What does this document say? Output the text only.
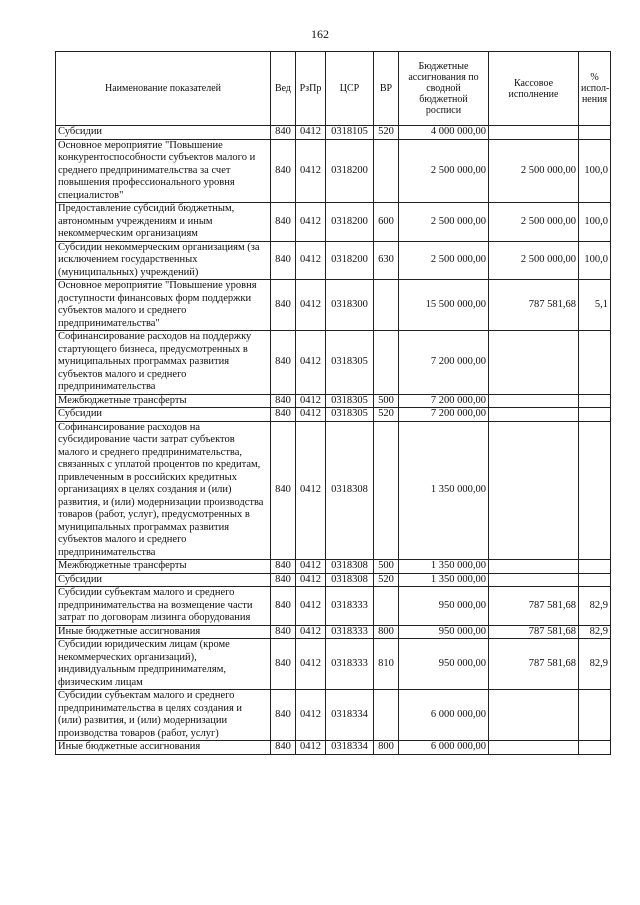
162
Наименование показателей	Вед	РзПр	ЦСР	ВР	Бюджетные ассигнования по сводной бюджетной росписи	Кассовое исполнение	% испол-нения
Субсидии	840	0412	0318105	520	4 000 000,00		
Основное мероприятие "Повышение конкурентоспособности субъектов малого и среднего предпринимательства за счет повышения профессионального уровня специалистов"	840	0412	0318200		2 500 000,00	2 500 000,00	100,0
Предоставление субсидий бюджетным, автономным учреждениям и иным некоммерческим организациям	840	0412	0318200	600	2 500 000,00	2 500 000,00	100,0
Субсидии некоммерческим организациям (за исключением государственных (муниципальных) учреждений)	840	0412	0318200	630	2 500 000,00	2 500 000,00	100,0
Основное мероприятие "Повышение уровня доступности финансовых форм поддержки субъектов малого и среднего предпринимательства"	840	0412	0318300		15 500 000,00	787 581,68	5,1
Софинансирование расходов на поддержку стартующего бизнеса, предусмотренных в муниципальных программах развития субъектов малого и среднего предпринимательства	840	0412	0318305		7 200 000,00		
Межбюджетные трансферты	840	0412	0318305	500	7 200 000,00		
Субсидии	840	0412	0318305	520	7 200 000,00		
Софинансирование расходов на субсидирование части затрат субъектов малого и среднего предпринимательства, связанных с уплатой процентов по кредитам, привлеченным в российских кредитных организациях в целях создания и (или) развития, и (или) модернизации производства товаров (работ, услуг), предусмотренных в муниципальных программах развития субъектов малого и среднего предпринимательства	840	0412	0318308		1 350 000,00		
Межбюджетные трансферты	840	0412	0318308	500	1 350 000,00		
Субсидии	840	0412	0318308	520	1 350 000,00		
Субсидии субъектам малого и среднего предпринимательства на возмещение части затрат по договорам лизинга оборудования	840	0412	0318333		950 000,00	787 581,68	82,9
Иные бюджетные ассигнования	840	0412	0318333	800	950 000,00	787 581,68	82,9
Субсидии юридическим лицам (кроме некоммерческих организаций), индивидуальным предпринимателям, физическим лицам	840	0412	0318333	810	950 000,00	787 581,68	82,9
Субсидии субъектам малого и среднего предпринимательства в целях создания и (или) развития, и (или) модернизации производства товаров (работ, услуг)	840	0412	0318334		6 000 000,00		
Иные бюджетные ассигнования	840	0412	0318334	800	6 000 000,00		
